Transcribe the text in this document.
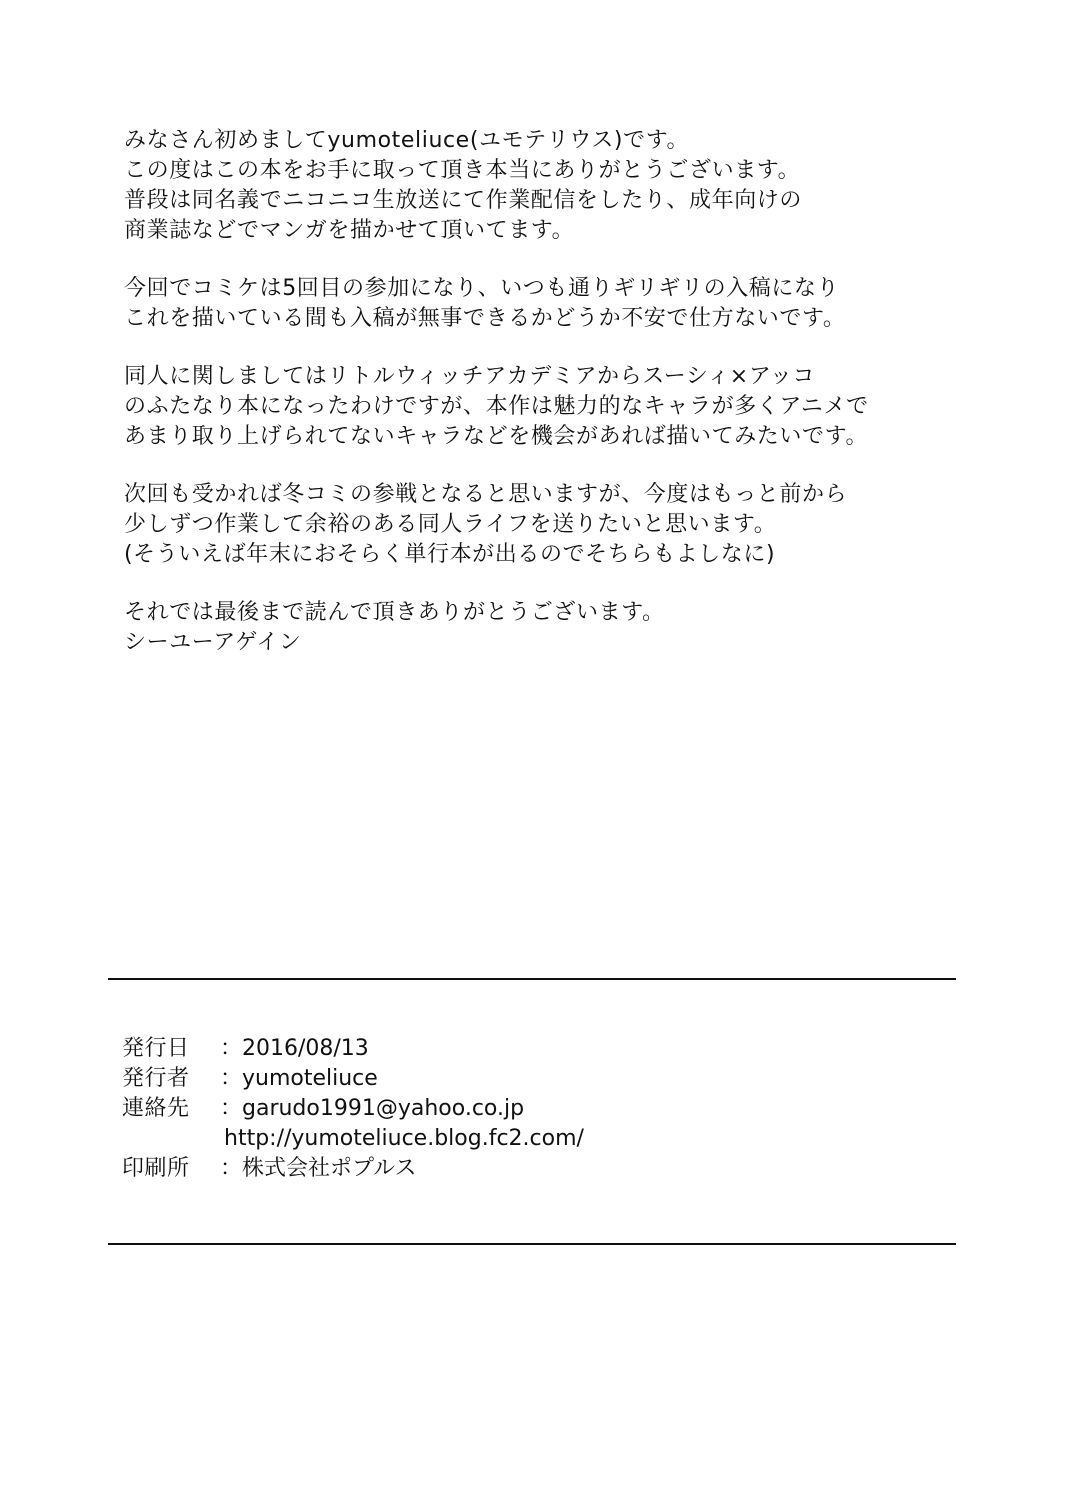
みなさん初めましてyumoteliuce(ユモテリウス)です。
この度はこの本をお手に取って頂き本当にありがとうございます。
普段は同名義でニコニコ生放送にて作業配信をしたり、成年向けの
商業誌などでマンガを描かせて頂いてます。
今回でコミケは5回目の参加になり、いつも通りギリギリの入稿になり
これを描いている間も入稿が無事できるかどうか不安で仕方ないです。
同人に関しましてはリトルウィッチアカデミアからスーシィ×アッコ
のふたなり本になったわけですが、本作は魅力的なキャラが多くアニメで
あまり取り上げられてないキャラなどを機会があれば描いてみたいです。
次回も受かれば冬コミの参戦となると思いますが、今度はもっと前から
少しずつ作業して余裕のある同人ライフを送りたいと思います。
(そういえば年末におそらく単行本が出るのでそちらもよしなに)
それでは最後まで読んで頂きありがとうございます。
シーユーアゲイン
発行日	： 2016/08/13
発行者	： yumoteliuce
連絡先	： garudo1991@yahoo.co.jp
http://yumoteliuce.blog.fc2.com/
印刷所	： 株式会社ポプルス
